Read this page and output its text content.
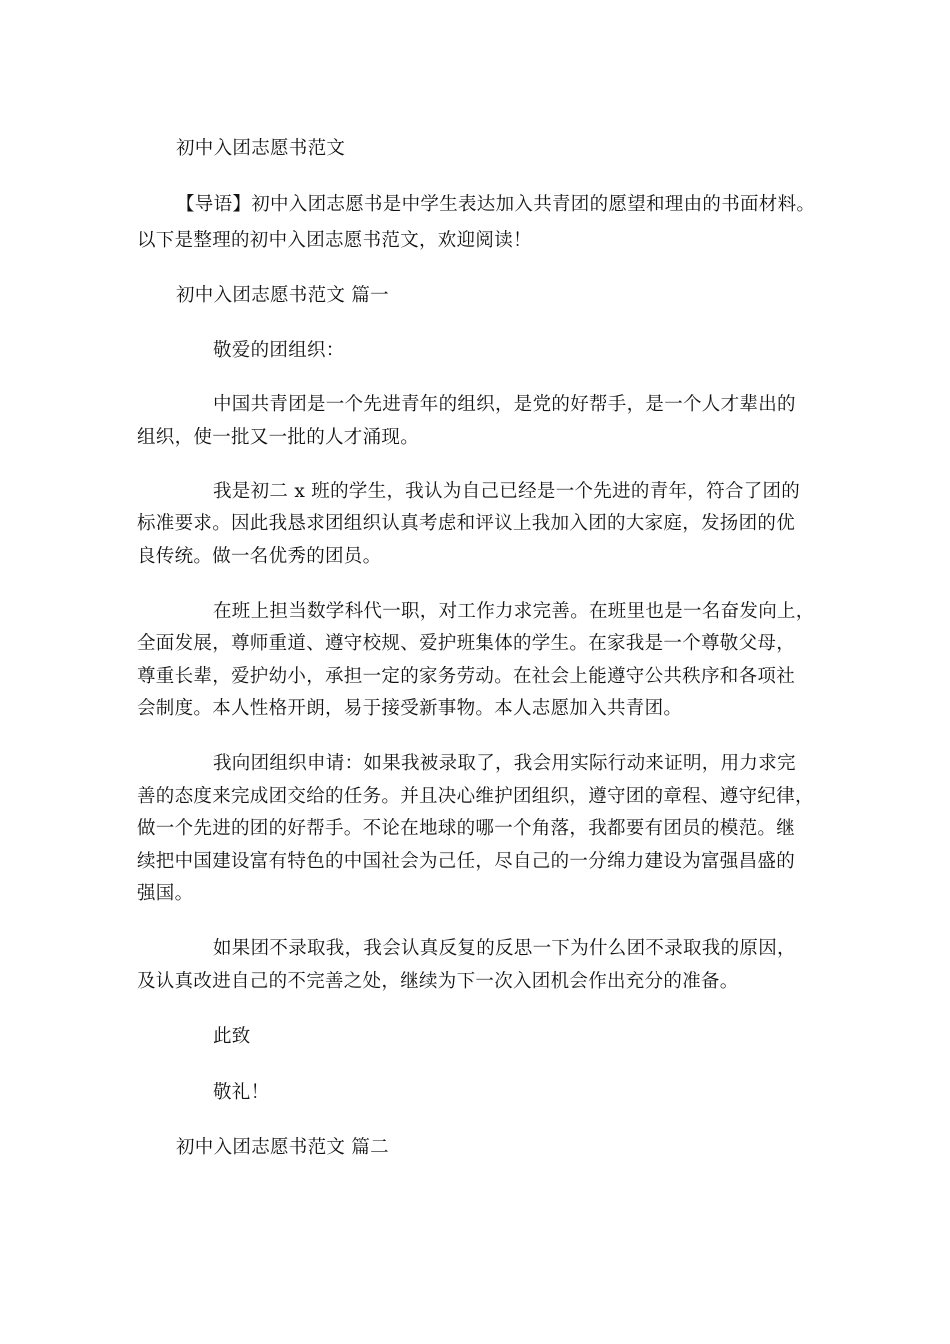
初中入团志愿书范文
【导语】初中入团志愿书是中学生表达加入共青团的愿望和理由的书面材料。
以下是整理的初中入团志愿书范文，欢迎阅读！
初中入团志愿书范文 篇一
敬爱的团组织：
中国共青团是一个先进青年的组织，是党的好帮手，是一个人才辈出的
组织，使一批又一批的人才涌现。
我是初二 x 班的学生，我认为自己已经是一个先进的青年，符合了团的
标准要求。因此我恳求团组织认真考虑和评议上我加入团的大家庭，发扬团的优
良传统。做一名优秀的团员。
在班上担当数学科代一职，对工作力求完善。在班里也是一名奋发向上，
全面发展，尊师重道、遵守校规、爱护班集体的学生。在家我是一个尊敬父母，
尊重长辈，爱护幼小，承担一定的家务劳动。在社会上能遵守公共秩序和各项社
会制度。本人性格开朗，易于接受新事物。本人志愿加入共青团。
我向团组织申请：如果我被录取了，我会用实际行动来证明，用力求完
善的态度来完成团交给的任务。并且决心维护团组织，遵守团的章程、遵守纪律，
做一个先进的团的好帮手。不论在地球的哪一个角落，我都要有团员的模范。继
续把中国建设富有特色的中国社会为己任，尽自己的一分绵力建设为富强昌盛的
强国。
如果团不录取我，我会认真反复的反思一下为什么团不录取我的原因，
及认真改进自己的不完善之处，继续为下一次入团机会作出充分的准备。
此致
敬礼！
初中入团志愿书范文 篇二
